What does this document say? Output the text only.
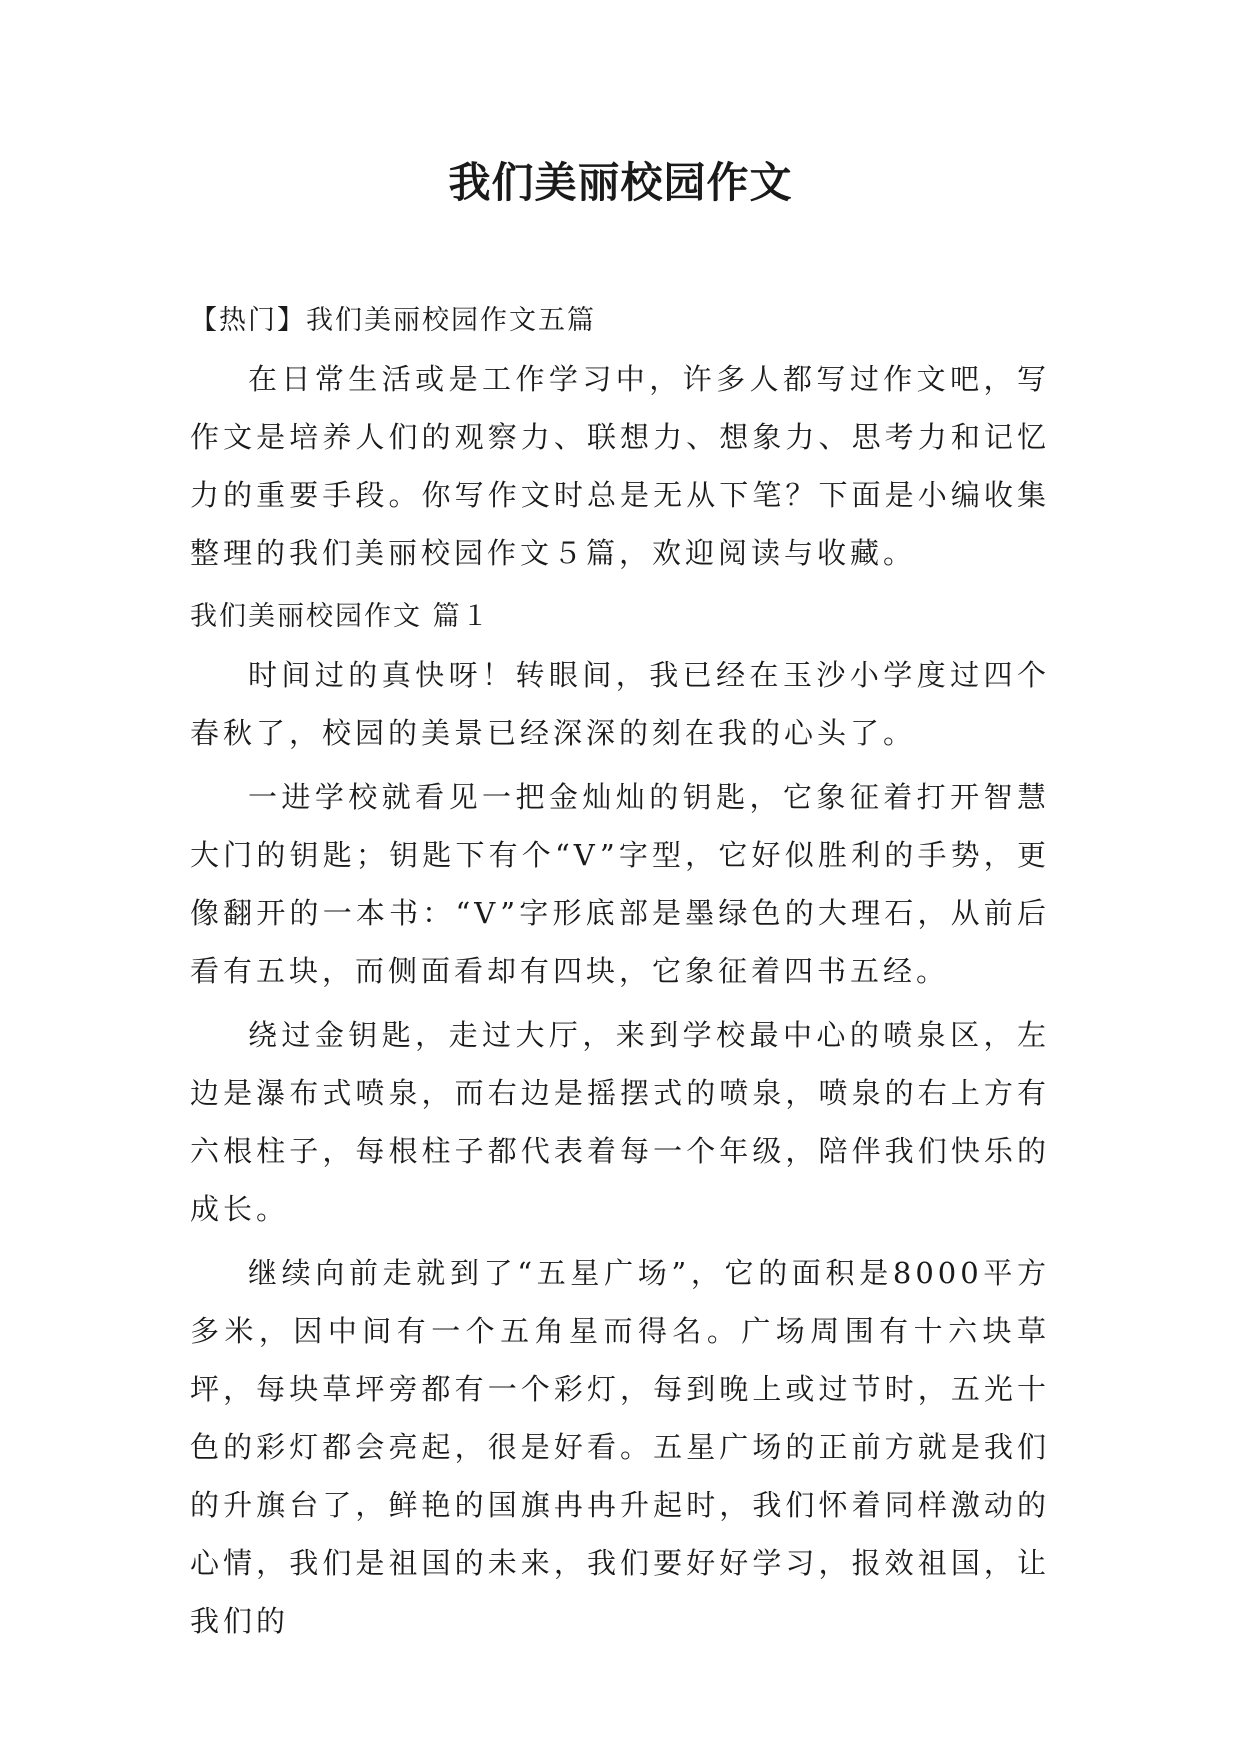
我们美丽校园作文

【热门】我们美丽校园作文五篇

在日常生活或是工作学习中，许多人都写过作文吧，写作文是培养人们的观察力、联想力、想象力、思考力和记忆力的重要手段。你写作文时总是无从下笔？下面是小编收集整理的我们美丽校园作文５篇，欢迎阅读与收藏。

我们美丽校园作文 篇１

时间过的真快呀！转眼间，我已经在玉沙小学度过四个春秋了，校园的美景已经深深的刻在我的心头了。

一进学校就看见一把金灿灿的钥匙，它象征着打开智慧大门的钥匙；钥匙下有个“V”字型，它好似胜利的手势，更像翻开的一本书：“V”字形底部是墨绿色的大理石，从前后看有五块，而侧面看却有四块，它象征着四书五经。

绕过金钥匙，走过大厅，来到学校最中心的喷泉区，左边是瀑布式喷泉，而右边是摇摆式的喷泉，喷泉的右上方有六根柱子，每根柱子都代表着每一个年级，陪伴我们快乐的成长。

继续向前走就到了“五星广场”，它的面积是8000平方多米，因中间有一个五角星而得名。广场周围有十六块草坪，每块草坪旁都有一个彩灯，每到晚上或过节时，五光十色的彩灯都会亮起，很是好看。五星广场的正前方就是我们的升旗台了，鲜艳的国旗冉冉升起时，我们怀着同样激动的心情，我们是祖国的未来，我们要好好学习，报效祖国，让我们的
